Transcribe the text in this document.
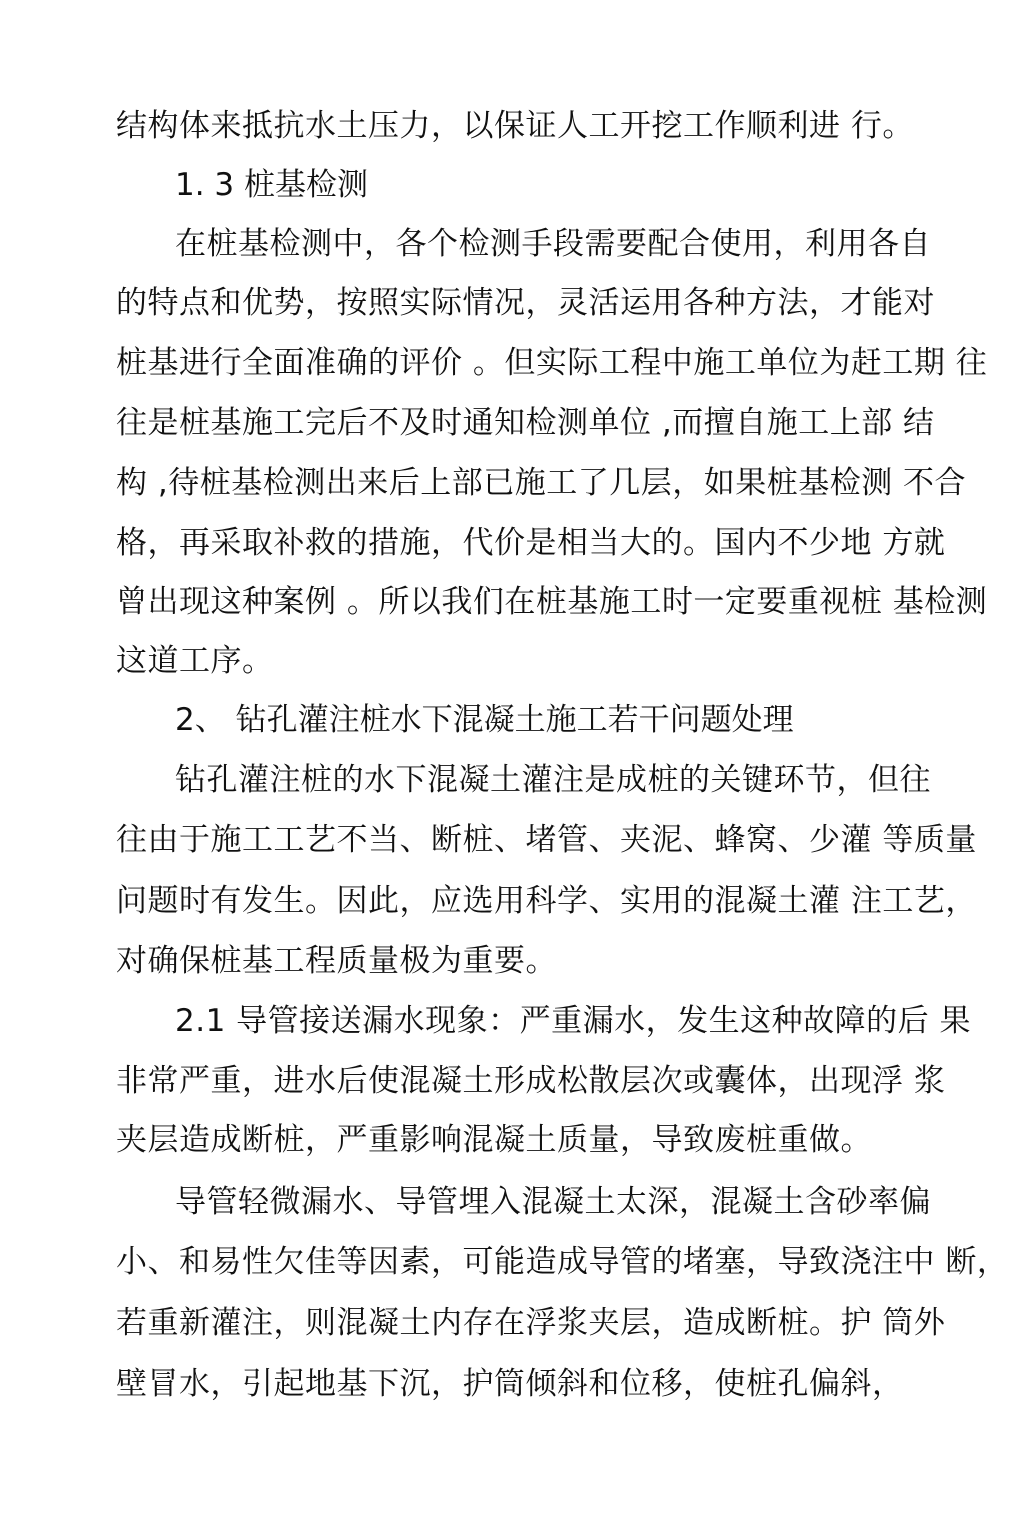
结构体来抵抗水土压力，以保证人工开挖工作顺利进 行。
1. 3 桩基检测
在桩基检测中，各个检测手段需要配合使用，利用各自
的特点和优势，按照实际情况，灵活运用各种方法，才能对
桩基进行全面准确的评价 。但实际工程中施工单位为赶工期 往
往是桩基施工完后不及时通知检测单位 ,而擅自施工上部 结
构 ,待桩基检测出来后上部已施工了几层，如果桩基检测 不合
格，再采取补救的措施，代价是相当大的。国内不少地 方就
曾出现这种案例 。所以我们在桩基施工时一定要重视桩 基检测
这道工序。
2、 钻孔灌注桩水下混凝土施工若干问题处理
钻孔灌注桩的水下混凝土灌注是成桩的关键环节，但往
往由于施工工艺不当、断桩、堵管、夹泥、蜂窝、少灌 等质量
问题时有发生。因此，应选用科学、实用的混凝土灌 注工艺，
对确保桩基工程质量极为重要。
2.1 导管接送漏水现象：严重漏水，发生这种故障的后 果
非常严重，进水后使混凝土形成松散层次或囊体，出现浮 浆
夹层造成断桩，严重影响混凝土质量，导致废桩重做。
导管轻微漏水、导管埋入混凝土太深，混凝土含砂率偏
小、和易性欠佳等因素，可能造成导管的堵塞，导致浇注中 断，
若重新灌注，则混凝土内存在浮浆夹层，造成断桩。护 筒外
壁冒水，引起地基下沉，护筒倾斜和位移，使桩孔偏斜，
